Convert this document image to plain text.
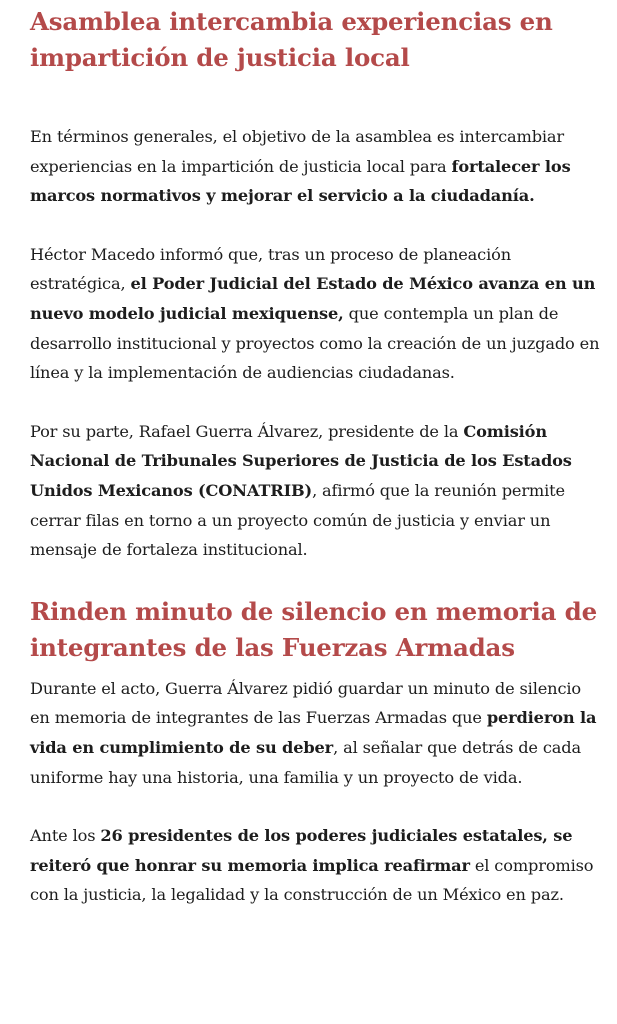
Asamblea intercambia experiencias en impartición de justicia local

En términos generales, el objetivo de la asamblea es intercambiar experiencias en la impartición de justicia local para fortalecer los marcos normativos y mejorar el servicio a la ciudadanía.

Héctor Macedo informó que, tras un proceso de planeación estratégica, el Poder Judicial del Estado de México avanza en un nuevo modelo judicial mexiquense, que contempla un plan de desarrollo institucional y proyectos como la creación de un juzgado en línea y la implementación de audiencias ciudadanas.

Por su parte, Rafael Guerra Álvarez, presidente de la Comisión Nacional de Tribunales Superiores de Justicia de los Estados Unidos Mexicanos (CONATRIB), afirmó que la reunión permite cerrar filas en torno a un proyecto común de justicia y enviar un mensaje de fortaleza institucional.

Rinden minuto de silencio en memoria de integrantes de las Fuerzas Armadas

Durante el acto, Guerra Álvarez pidió guardar un minuto de silencio en memoria de integrantes de las Fuerzas Armadas que perdieron la vida en cumplimiento de su deber, al señalar que detrás de cada uniforme hay una historia, una familia y un proyecto de vida.

Ante los 26 presidentes de los poderes judiciales estatales, se reiteró que honrar su memoria implica reafirmar el compromiso con la justicia, la legalidad y la construcción de un México en paz.
